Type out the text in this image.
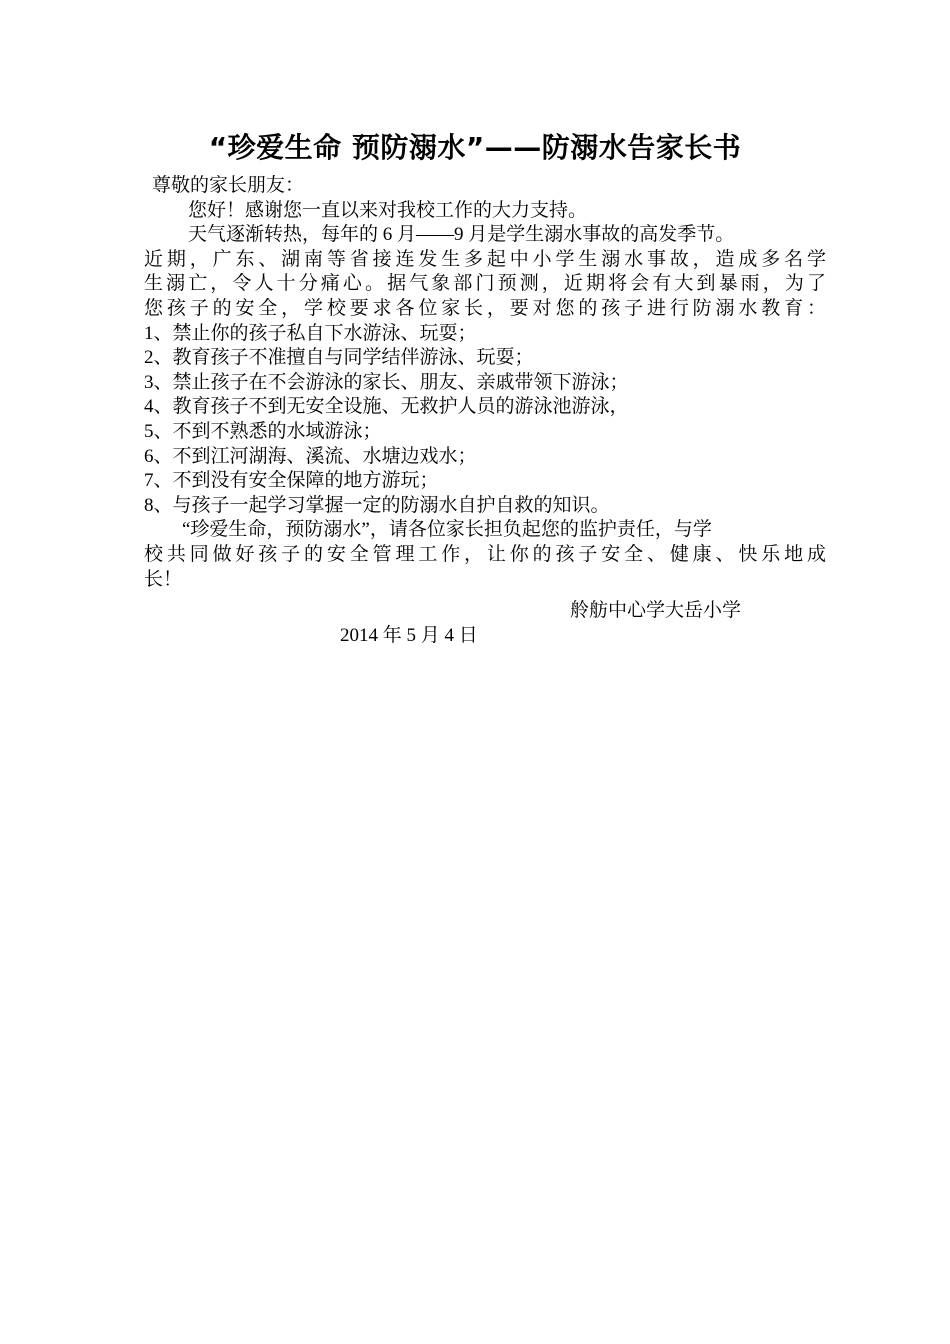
“珍爱生命 预防溺水”——防溺水告家长书
尊敬的家长朋友：
您好！感谢您一直以来对我校工作的大力支持。
天气逐渐转热，每年的 6 月——9 月是学生溺水事故的高发季节。
近期，广东、湖南等省接连发生多起中小学生溺水事故，造成多名学
生溺亡，令人十分痛心。据气象部门预测，近期将会有大到暴雨，为了
您孩子的安全，学校要求各位家长，要对您的孩子进行防溺水教育：
1、禁止你的孩子私自下水游泳、玩耍；
2、教育孩子不准擅自与同学结伴游泳、玩耍；
3、禁止孩子在不会游泳的家长、朋友、亲戚带领下游泳；
4、教育孩子不到无安全设施、无救护人员的游泳池游泳，
5、不到不熟悉的水域游泳；
6、不到江河湖海、溪流、水塘边戏水；
7、不到没有安全保障的地方游玩；
8、与孩子一起学习掌握一定的防溺水自护自救的知识。
“珍爱生命，预防溺水”，请各位家长担负起您的监护责任，与学
校共同做好孩子的安全管理工作，让你的孩子安全、健康、快乐地成
长！
舲舫中心学大岳小学
2014 年 5 月 4 日
